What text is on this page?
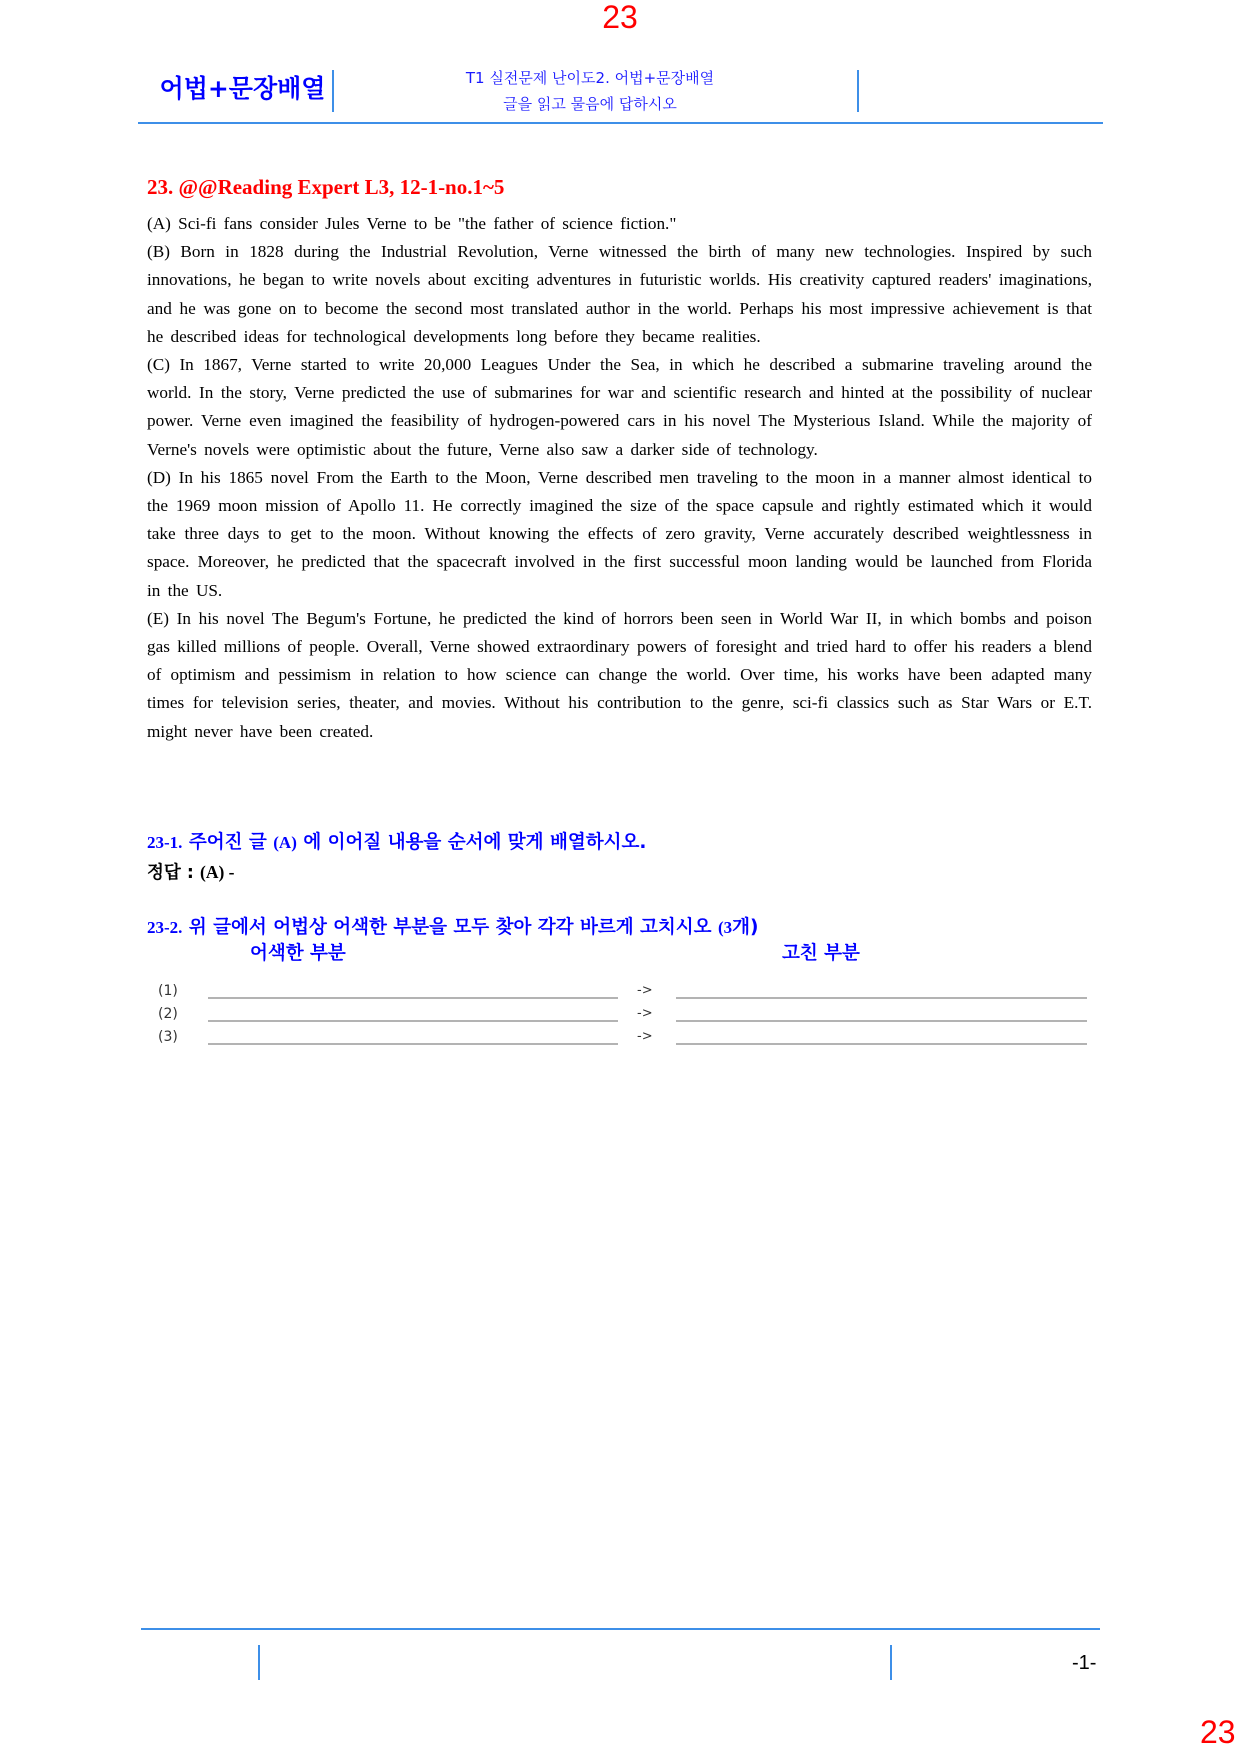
23
어법+문장배열	T1 실전문제 난이도2. 어법+문장배열
글을 읽고 물음에 답하시오
23. @@Reading Expert L3, 12-1-no.1~5

(A) Sci-fi fans consider Jules Verne to be "the father of science fiction."

(B) Born in 1828 during the Industrial Revolution, Verne witnessed the birth of many new technologies. Inspired by such innovations, he began to write novels about exciting adventures in futuristic worlds. His creativity captured readers' imaginations, and he was gone on to become the second most translated author in the world. Perhaps his most impressive achievement is that he described ideas for technological developments long before they became realities.

(C) In 1867, Verne started to write 20,000 Leagues Under the Sea, in which he described a submarine traveling around the world. In the story, Verne predicted the use of submarines for war and scientific research and hinted at the possibility of nuclear power. Verne even imagined the feasibility of hydrogen-powered cars in his novel The Mysterious Island. While the majority of Verne's novels were optimistic about the future, Verne also saw a darker side of technology.

(D) In his 1865 novel From the Earth to the Moon, Verne described men traveling to the moon in a manner almost identical to the 1969 moon mission of Apollo 11. He correctly imagined the size of the space capsule and rightly estimated which it would take three days to get to the moon. Without knowing the effects of zero gravity, Verne accurately described weightlessness in space. Moreover, he predicted that the spacecraft involved in the first successful moon landing would be launched from Florida in the US.

(E) In his novel The Begum's Fortune, he predicted the kind of horrors been seen in World War II, in which bombs and poison gas killed millions of people. Overall, Verne showed extraordinary powers of foresight and tried hard to offer his readers a blend of optimism and pessimism in relation to how science can change the world. Over time, his works have been adapted many times for television series, theater, and movies. Without his contribution to the genre, sci-fi classics such as Star Wars or E.T. might never have been created.

23-1. 주어진 글 (A) 에 이어질 내용을 순서에 맞게 배열하시오.
정답 : (A) -
23-2. 위 글에서 어법상 어색한 부분을 모두 찾아 각각 바르게 고치시오 (3개)
어색한 부분	고친 부분
(1)	->
(2)	->
(3)	->
-1-
23
